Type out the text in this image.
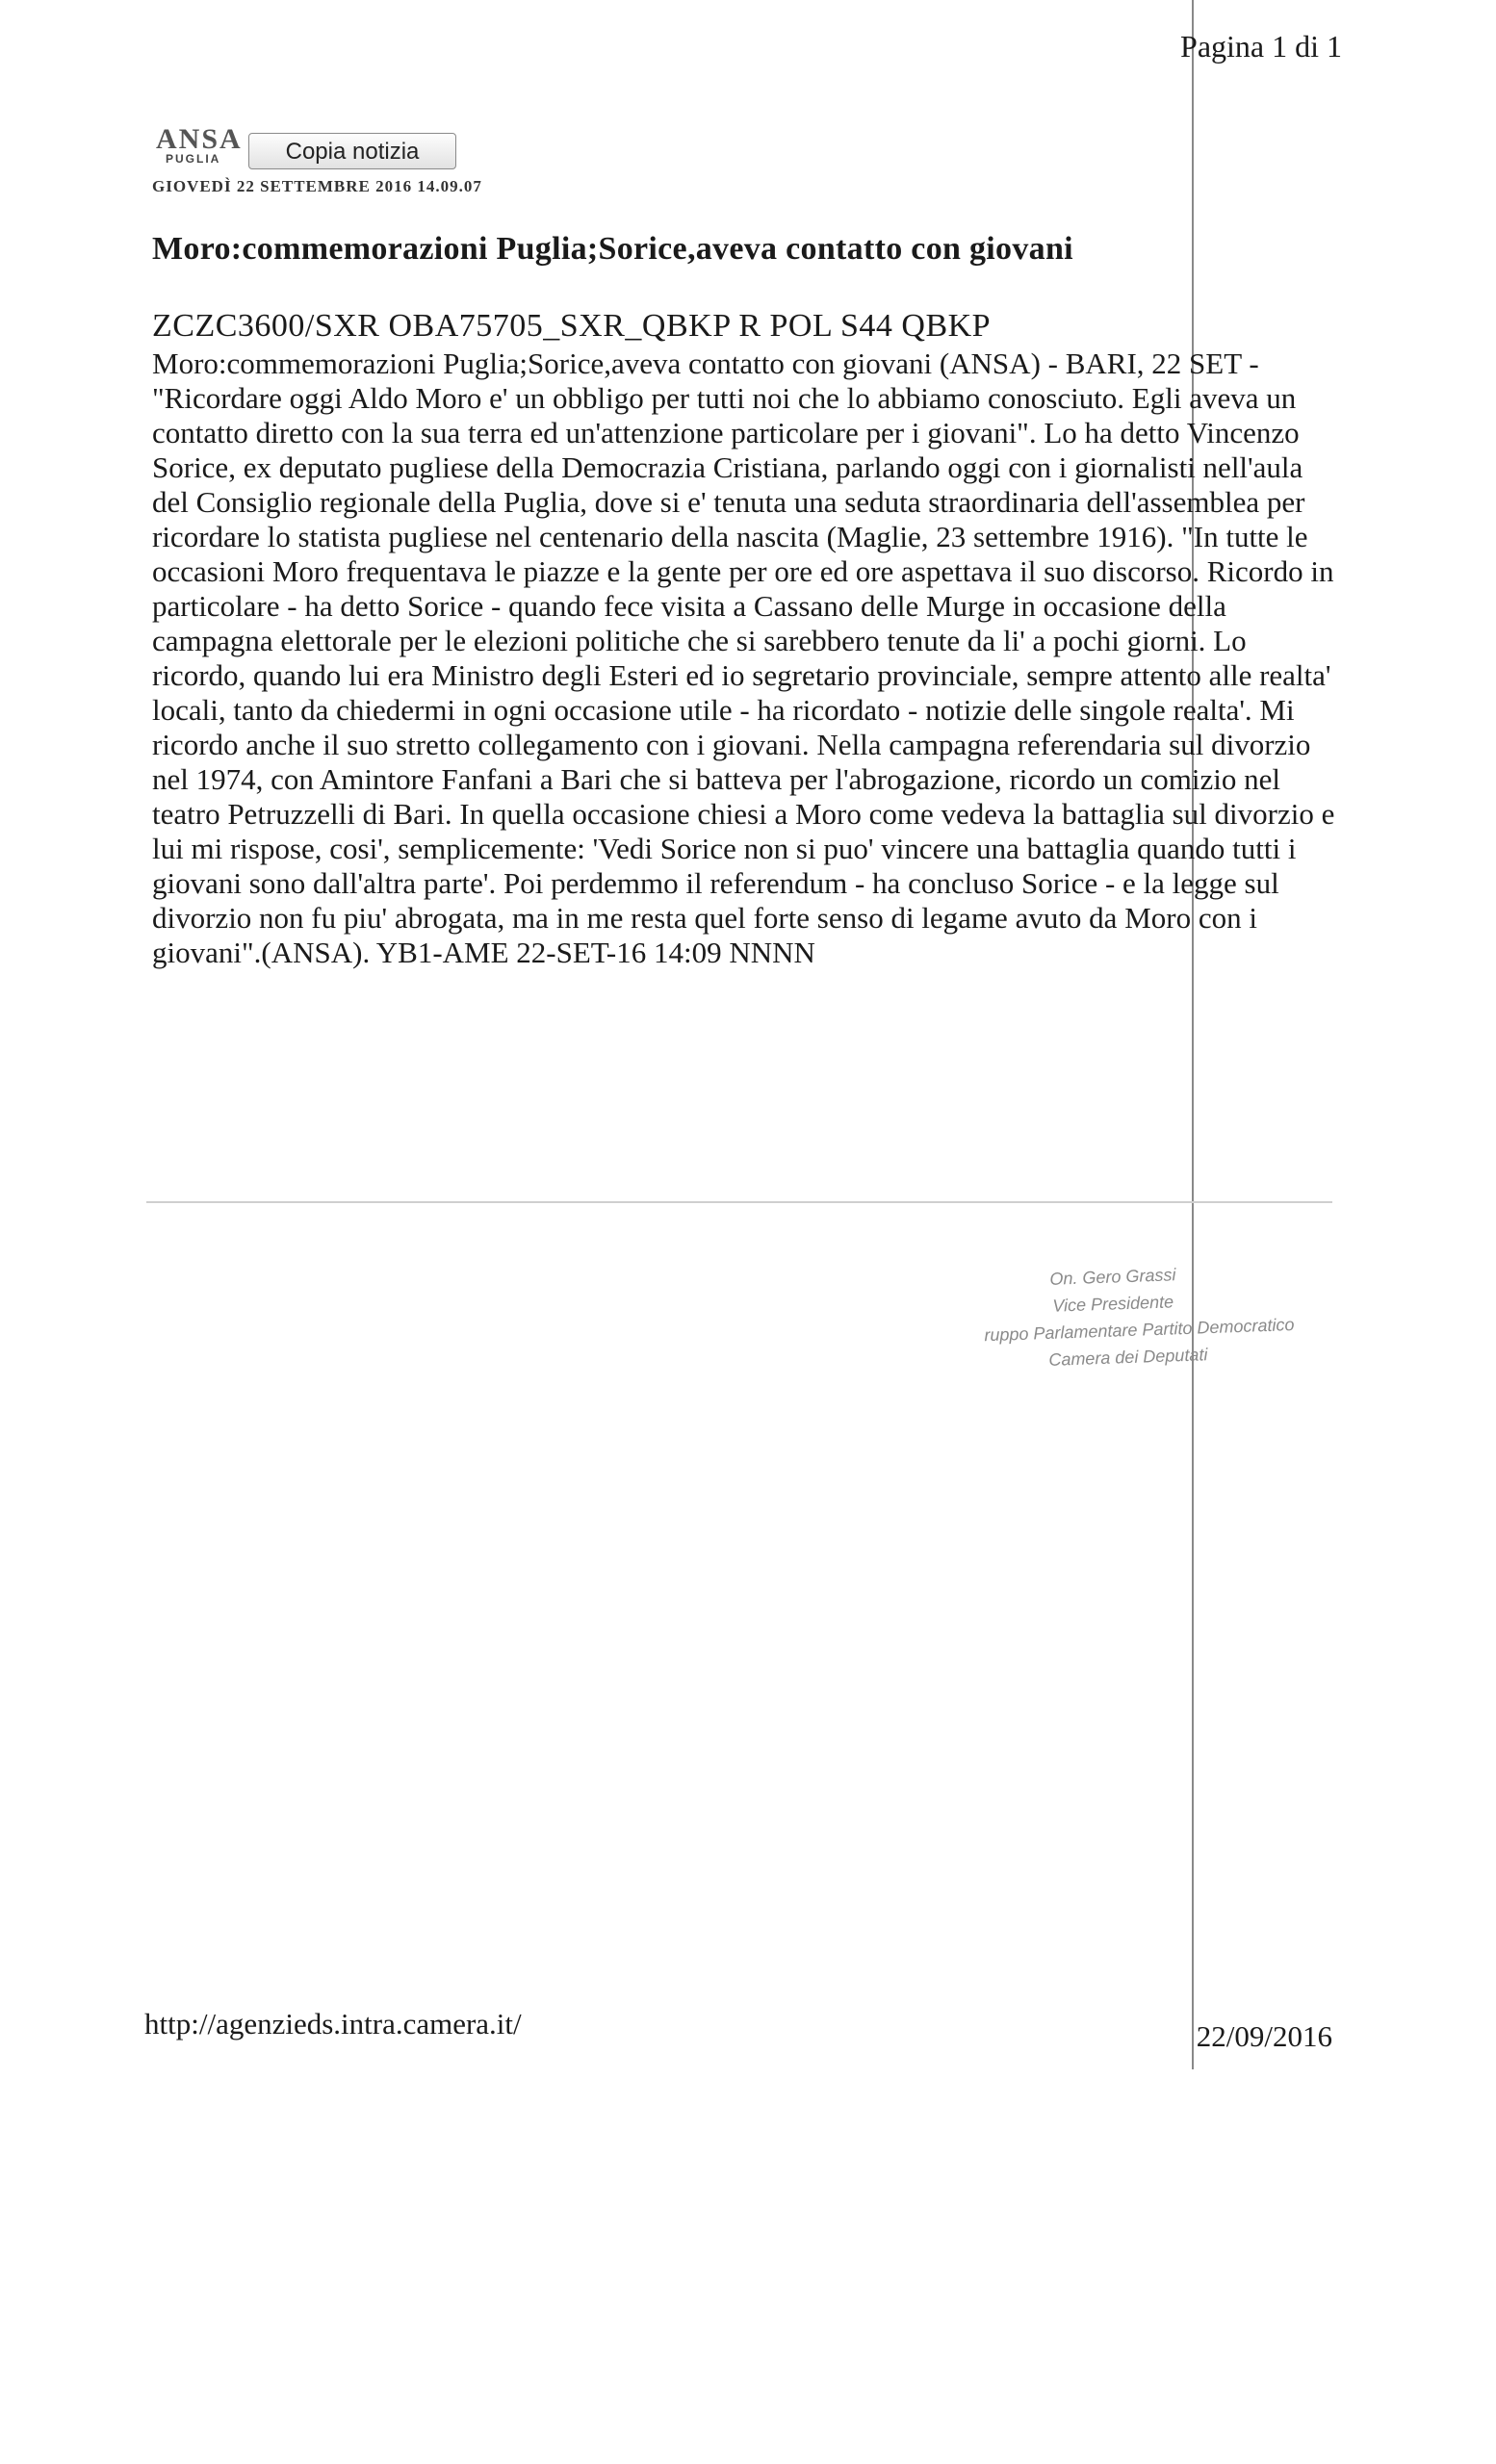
Pagina 1 di 1
ANSA
PUGLIA	Copia notizia
GIOVEDÌ 22 SETTEMBRE 2016 14.09.07
Moro:commemorazioni Puglia;Sorice,aveva contatto con giovani
ZCZC3600/SXR OBA75705_SXR_QBKP R POL S44 QBKP
Moro:commemorazioni Puglia;Sorice,aveva contatto con giovani (ANSA) - BARI, 22 SET - "Ricordare oggi Aldo Moro e' un obbligo per tutti noi che lo abbiamo conosciuto. Egli aveva un contatto diretto con la sua terra ed un'attenzione particolare per i giovani". Lo ha detto Vincenzo Sorice, ex deputato pugliese della Democrazia Cristiana, parlando oggi con i giornalisti nell'aula del Consiglio regionale della Puglia, dove si e' tenuta una seduta straordinaria dell'assemblea per ricordare lo statista pugliese nel centenario della nascita (Maglie, 23 settembre 1916). "In tutte le occasioni Moro frequentava le piazze e la gente per ore ed ore aspettava il suo discorso. Ricordo in particolare - ha detto Sorice - quando fece visita a Cassano delle Murge in occasione della campagna elettorale per le elezioni politiche che si sarebbero tenute da li' a pochi giorni. Lo ricordo, quando lui era Ministro degli Esteri ed io segretario provinciale, sempre attento alle realta' locali, tanto da chiedermi in ogni occasione utile - ha ricordato - notizie delle singole realta'. Mi ricordo anche il suo stretto collegamento con i giovani. Nella campagna referendaria sul divorzio nel 1974, con Amintore Fanfani a Bari che si batteva per l'abrogazione, ricordo un comizio nel teatro Petruzzelli di Bari. In quella occasione chiesi a Moro come vedeva la battaglia sul divorzio e lui mi rispose, cosi', semplicemente: 'Vedi Sorice non si puo' vincere una battaglia quando tutti i giovani sono dall'altra parte'. Poi perdemmo il referendum - ha concluso Sorice - e la legge sul divorzio non fu piu' abrogata, ma in me resta quel forte senso di legame avuto da Moro con i giovani".(ANSA). YB1-AME 22-SET-16 14:09 NNNN
On. Gero Grassi
Vice Presidente
ruppo Parlamentare Partito Democratico
Camera dei Deputati
http://agenzieds.intra.camera.it/	22/09/2016
